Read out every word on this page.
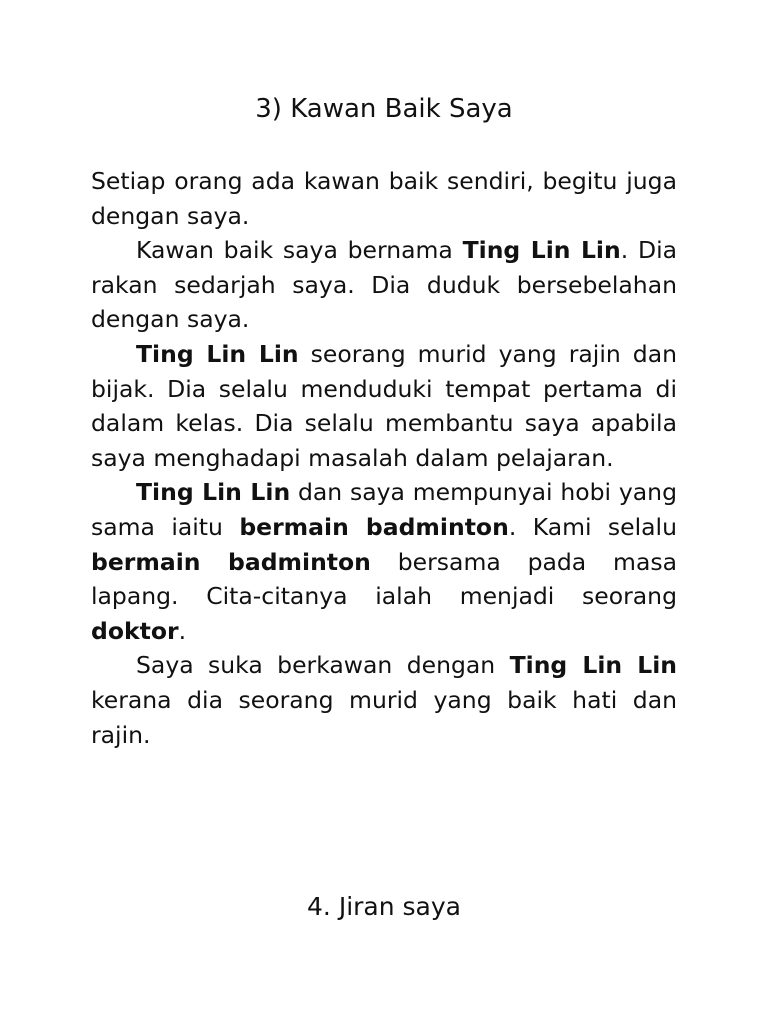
3) Kawan Baik Saya

Setiap orang ada kawan baik sendiri, begitu juga dengan saya.

Kawan baik saya bernama Ting Lin Lin. Dia rakan sedarjah saya. Dia duduk bersebelahan dengan saya.

Ting Lin Lin seorang murid yang rajin dan bijak. Dia selalu menduduki tempat pertama di dalam kelas. Dia selalu membantu saya apabila saya menghadapi masalah dalam pelajaran.

Ting Lin Lin dan saya mempunyai hobi yang sama iaitu bermain badminton. Kami selalu bermain badminton bersama pada masa lapang. Cita-citanya ialah menjadi seorang doktor.

Saya suka berkawan dengan Ting Lin Lin kerana dia seorang murid yang baik hati dan rajin.

4. Jiran saya
